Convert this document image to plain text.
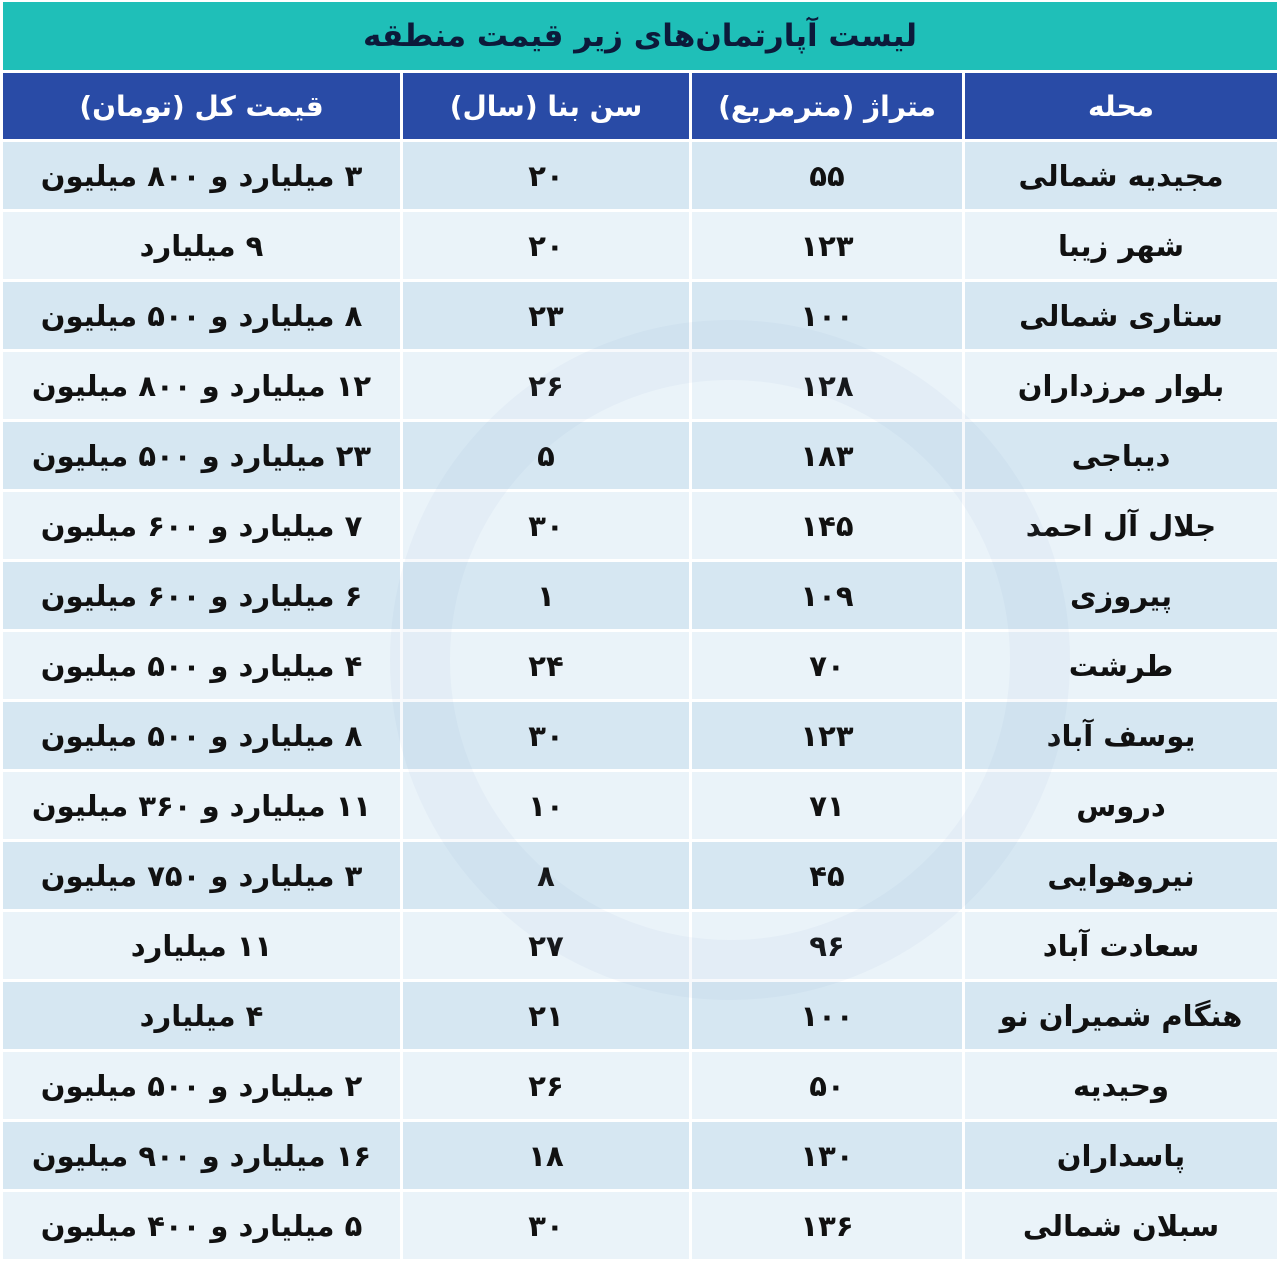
لیست آپارتمان‌های زیر قیمت منطقه
محله	متراژ (مترمربع)	سن بنا (سال)	قیمت کل (تومان)
مجیدیه شمالی	۵۵	۲۰	۳ میلیارد و ۸۰۰ میلیون
شهر زیبا	۱۲۳	۲۰	۹ میلیارد
ستاری شمالی	۱۰۰	۲۳	۸ میلیارد و ۵۰۰ میلیون
بلوار مرزداران	۱۲۸	۲۶	۱۲ میلیارد و ۸۰۰ میلیون
دیباجی	۱۸۳	۵	۲۳ میلیارد و ۵۰۰ میلیون
جلال آل احمد	۱۴۵	۳۰	۷ میلیارد و ۶۰۰ میلیون
پیروزی	۱۰۹	۱	۶ میلیارد و ۶۰۰ میلیون
طرشت	۷۰	۲۴	۴ میلیارد و ۵۰۰ میلیون
یوسف آباد	۱۲۳	۳۰	۸ میلیارد و ۵۰۰ میلیون
دروس	۷۱	۱۰	۱۱ میلیارد و ۳۶۰ میلیون
نیروهوایی	۴۵	۸	۳ میلیارد و ۷۵۰ میلیون
سعادت آباد	۹۶	۲۷	۱۱ میلیارد
هنگام شمیران نو	۱۰۰	۲۱	۴ میلیارد
وحیدیه	۵۰	۲۶	۲ میلیارد و ۵۰۰ میلیون
پاسداران	۱۳۰	۱۸	۱۶ میلیارد و ۹۰۰ میلیون
سبلان شمالی	۱۳۶	۳۰	۵ میلیارد و ۴۰۰ میلیون
